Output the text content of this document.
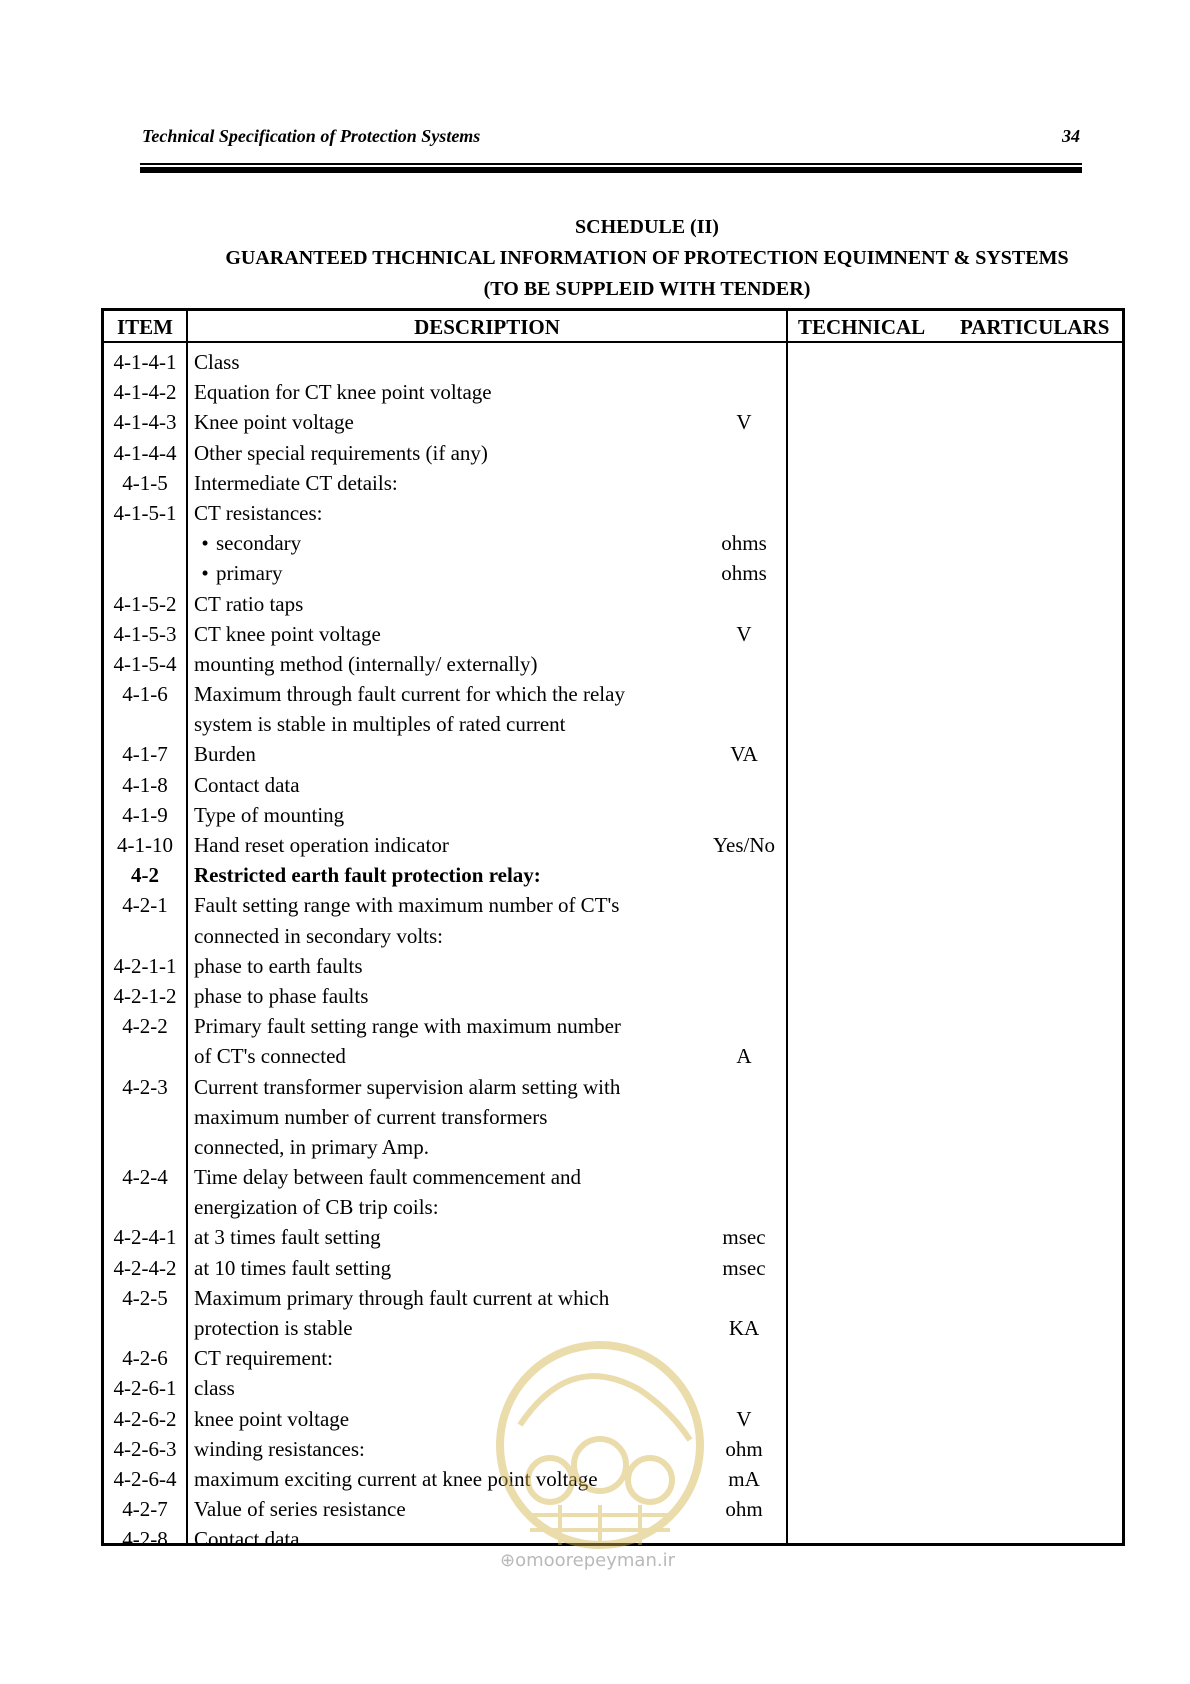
Technical Specification of Protection Systems	34
SCHEDULE (II)
GUARANTEED THCHNICAL INFORMATION OF PROTECTION EQUIMNENT & SYSTEMS
(TO BE SUPPLEID WITH TENDER)
ITEM	DESCRIPTION	TECHNICAL PARTICULARS
4-1-4-1 Class
4-1-4-2 Equation for CT knee point voltage
4-1-4-3 Knee point voltage	V
4-1-4-4 Other special requirements (if any)
4-1-5	Intermediate CT details:
4-1-5-1 CT resistances:
• secondary	ohms
• primary	ohms
4-1-5-2 CT ratio taps
4-1-5-3 CT knee point voltage	V
4-1-5-4 mounting method (internally/ externally)
4-1-6	Maximum through fault current for which the relay
system is stable in multiples of rated current
4-1-7	Burden	VA
4-1-8	Contact data
4-1-9	Type of mounting
4-1-10	Hand reset operation indicator	Yes/No
4-2	Restricted earth fault protection relay:
4-2-1	Fault setting range with maximum number of CT's
connected in secondary volts:
4-2-1-1 phase to earth faults
4-2-1-2 phase to phase faults
4-2-2	Primary fault setting range with maximum number
of CT's connected	A
4-2-3	Current transformer supervision alarm setting with
maximum number of current transformers
connected, in primary Amp.
4-2-4	Time delay between fault commencement and
energization of CB trip coils:
4-2-4-1 at 3 times fault setting	msec
4-2-4-2 at 10 times fault setting	msec
4-2-5	Maximum primary through fault current at which
protection is stable	KA
4-2-6	CT requirement:
4-2-6-1 class
4-2-6-2 knee point voltage	V
4-2-6-3 winding resistances:	ohm
4-2-6-4 maximum exciting current at knee point voltage	mA
4-2-7	Value of series resistance	ohm
4-2-8	Contact data
⊕omoorepeyman.ir
